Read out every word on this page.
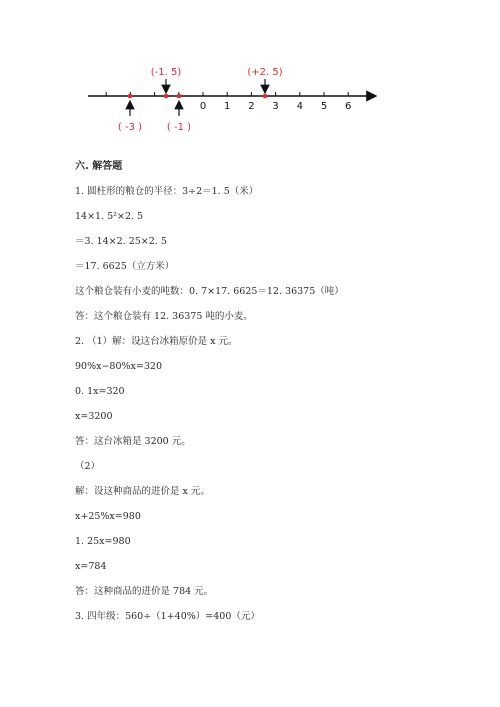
0 1 2 3 4 5 6
(-1. 5)	(+2. 5)
( -3 ) ( -1 )
六. 解答题
1. 圆柱形的粮仓的半径：3÷2＝1. 5（米）
14×1. 5²×2. 5
＝3. 14×2. 25×2. 5
＝17. 6625（立方米）
这个粮仓装有小麦的吨数：0. 7×17. 6625＝12. 36375（吨）
答：这个粮仓装有 12. 36375 吨的小麦。
2. （1）解：设这台冰箱原价是 x 元。
90%x−80%x=320
0. 1x=320
x=3200
答：这台冰箱是 3200 元。
（2）
解：设这种商品的进价是 x 元。
x+25%x=980
1. 25x=980
x=784
答：这种商品的进价是 784 元。
3. 四年级：560÷（1+40%）=400（元）
